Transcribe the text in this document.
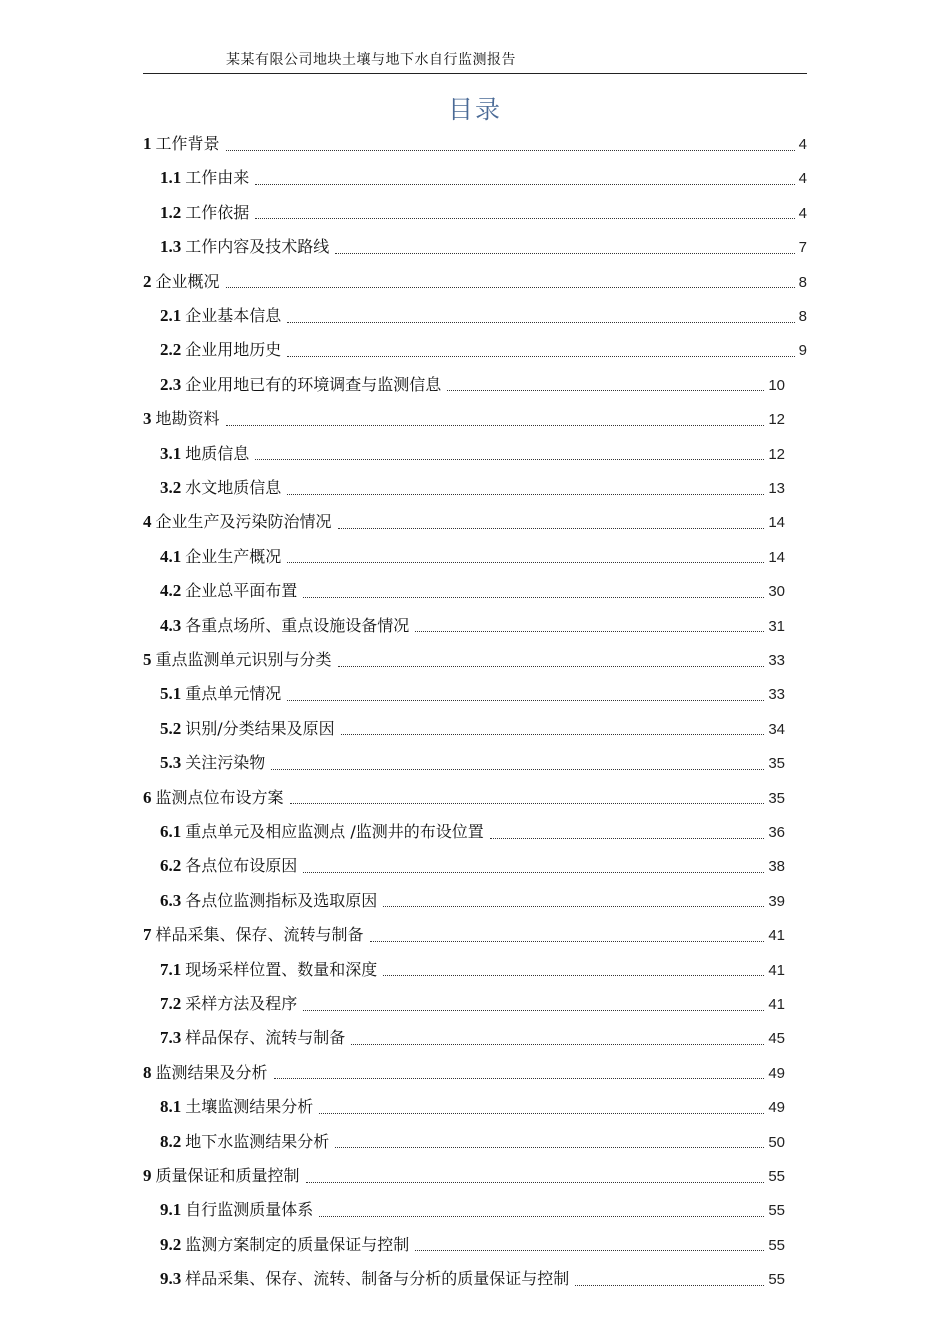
某某有限公司地块土壤与地下水自行监测报告
目录
1 工作背景	4
1.1 工作由来	4
1.2 工作依据	4
1.3 工作内容及技术路线	7
2 企业概况	8
2.1 企业基本信息	8
2.2 企业用地历史	9
2.3 企业用地已有的环境调查与监测信息	10
3 地勘资料	12
3.1 地质信息	12
3.2 水文地质信息	13
4 企业生产及污染防治情况	14
4.1 企业生产概况	14
4.2 企业总平面布置	30
4.3 各重点场所、重点设施设备情况	31
5 重点监测单元识别与分类	33
5.1 重点单元情况	33
5.2 识别/分类结果及原因	34
5.3 关注污染物	35
6 监测点位布设方案	35
6.1 重点单元及相应监测点 /监测井的布设位置	36
6.2 各点位布设原因	38
6.3 各点位监测指标及选取原因	39
7 样品采集、保存、流转与制备	41
7.1 现场采样位置、数量和深度	41
7.2 采样方法及程序	41
7.3 样品保存、流转与制备	45
8 监测结果及分析	49
8.1 土壤监测结果分析	49
8.2 地下水监测结果分析	50
9 质量保证和质量控制	55
9.1 自行监测质量体系	55
9.2 监测方案制定的质量保证与控制	55
9.3 样品采集、保存、流转、制备与分析的质量保证与控制	55
